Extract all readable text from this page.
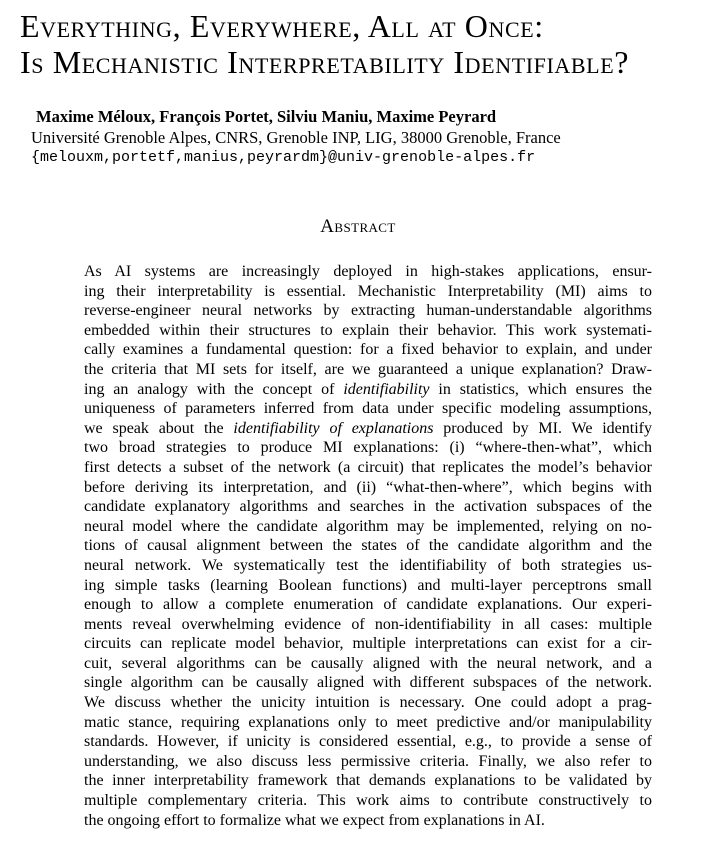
Everything, Everywhere, All at Once:
Is Mechanistic Interpretability Identifiable?
Maxime Méloux, François Portet, Silviu Maniu, Maxime Peyrard
Université Grenoble Alpes, CNRS, Grenoble INP, LIG, 38000 Grenoble, France
{melouxm,portetf,manius,peyrardm}@univ-grenoble-alpes.fr
Abstract
As AI systems are increasingly deployed in high-stakes applications, ensur-
ing their interpretability is essential. Mechanistic Interpretability (MI) aims to
reverse-engineer neural networks by extracting human-understandable algorithms
embedded within their structures to explain their behavior. This work systemati-
cally examines a fundamental question: for a fixed behavior to explain, and under
the criteria that MI sets for itself, are we guaranteed a unique explanation? Draw-
ing an analogy with the concept of identifiability in statistics, which ensures the
uniqueness of parameters inferred from data under specific modeling assumptions,
we speak about the identifiability of explanations produced by MI. We identify
two broad strategies to produce MI explanations: (i) “where-then-what”, which
first detects a subset of the network (a circuit) that replicates the model’s behavior
before deriving its interpretation, and (ii) “what-then-where”, which begins with
candidate explanatory algorithms and searches in the activation subspaces of the
neural model where the candidate algorithm may be implemented, relying on no-
tions of causal alignment between the states of the candidate algorithm and the
neural network. We systematically test the identifiability of both strategies us-
ing simple tasks (learning Boolean functions) and multi-layer perceptrons small
enough to allow a complete enumeration of candidate explanations. Our experi-
ments reveal overwhelming evidence of non-identifiability in all cases: multiple
circuits can replicate model behavior, multiple interpretations can exist for a cir-
cuit, several algorithms can be causally aligned with the neural network, and a
single algorithm can be causally aligned with different subspaces of the network.
We discuss whether the unicity intuition is necessary. One could adopt a prag-
matic stance, requiring explanations only to meet predictive and/or manipulability
standards. However, if unicity is considered essential, e.g., to provide a sense of
understanding, we also discuss less permissive criteria. Finally, we also refer to
the inner interpretability framework that demands explanations to be validated by
multiple complementary criteria. This work aims to contribute constructively to
the ongoing effort to formalize what we expect from explanations in AI.
